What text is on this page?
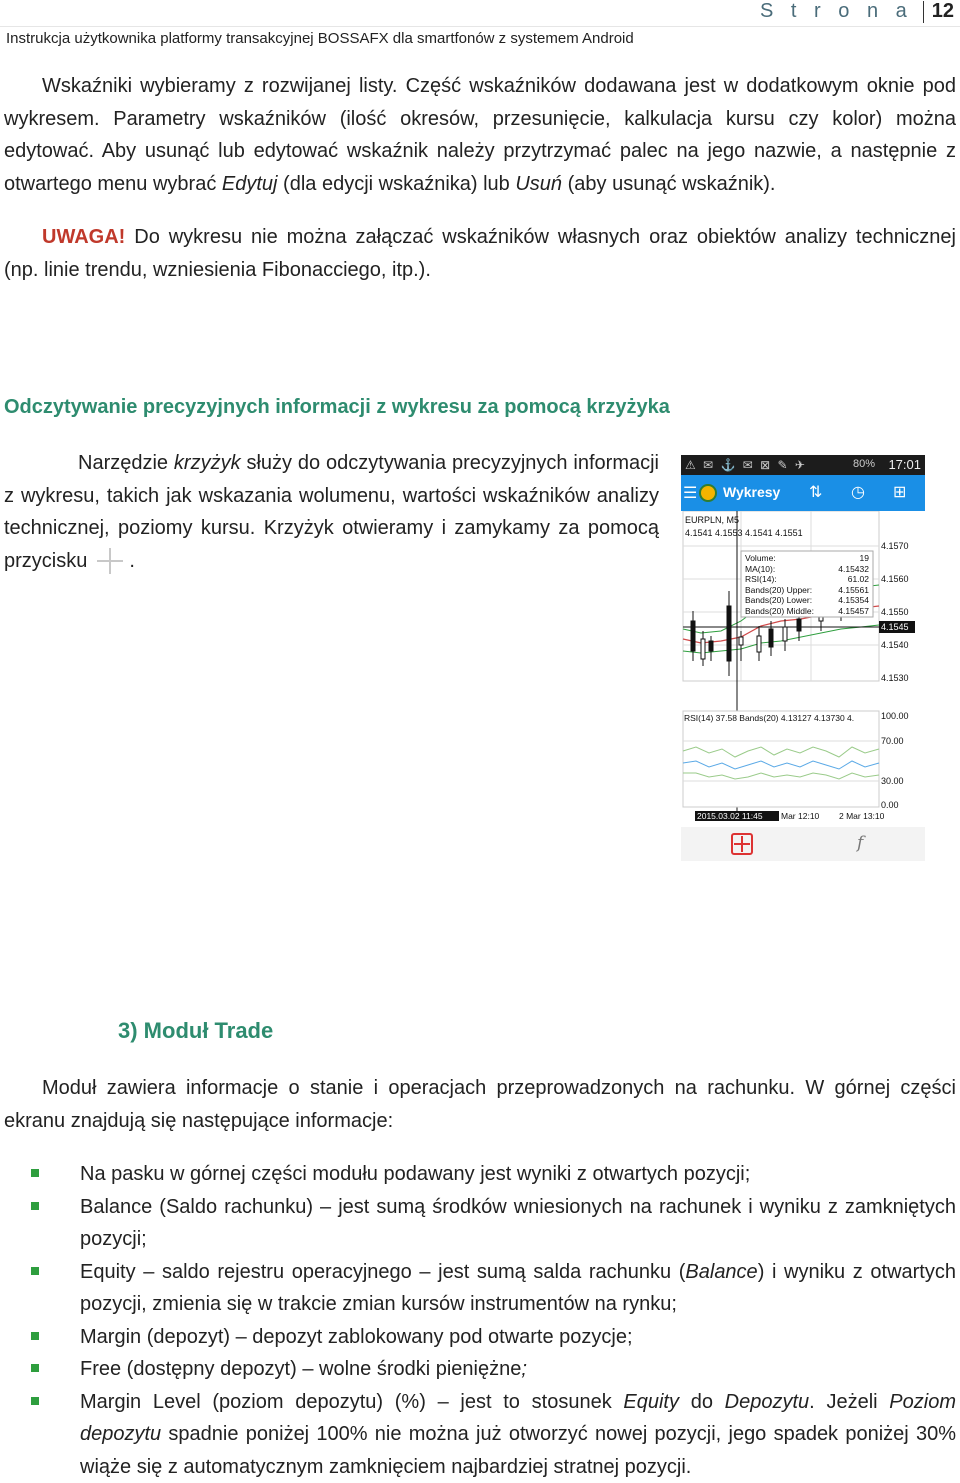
S t r o n a 12
Instrukcja użytkownika platformy transakcyjnej BOSSAFX dla smartfonów z systemem Android
Wskaźniki wybieramy z rozwijanej listy. Część wskaźników dodawana jest w dodatkowym oknie pod wykresem. Parametry wskaźników (ilość okresów, przesunięcie, kalkulacja kursu czy kolor) można edytować. Aby usunąć lub edytować wskaźnik należy przytrzymać palec na jego nazwie, a następnie z otwartego menu wybrać Edytuj (dla edycji wskaźnika) lub Usuń (aby usunąć wskaźnik).
UWAGA! Do wykresu nie można załączać wskaźników własnych oraz obiektów analizy technicznej (np. linie trendu, wzniesienia Fibonacciego, itp.).
Odczytywanie precyzyjnych informacji z wykresu za pomocą krzyżyka
Narzędzie krzyżyk służy do odczytywania precyzyjnych informacji z wykresu, takich jak wskazania wolumenu, wartości wskaźników analizy technicznej, poziomy kursu. Krzyżyk otwieramy i zamykamy za pomocą przycisku .
⚠ ✉ ⚓ ✉ ⊠ ✎ ✈	80% 17:01
☰ Wykresy ⇅ ◷ ⊞
EURPLN, M5
4.1541 4.1553 4.1541 4.1551
Volume:	19
MA(10):	4.15432
RSI(14):	61.02
Bands(20) Upper:	4.15561
Bands(20) Lower:	4.15354
Bands(20) Middle:	4.15457
4.1570
4.1560
4.1550
4.1545
4.1540
4.1530
RSI(14) 37.58 Bands(20) 4.13127 4.13730 4.	100.00
70.00
30.00
0.00
2015.03.02 11:45 Mar 12:10 2 Mar 13:10
f
3) Moduł Trade
Moduł zawiera informacje o stanie i operacjach przeprowadzonych na rachunku. W górnej części ekranu znajdują się następujące informacje:
Na pasku w górnej części modułu podawany jest wyniki z otwartych pozycji;
Balance (Saldo rachunku) – jest sumą środków wniesionych na rachunek i wyniku z zamkniętych pozycji;
Equity – saldo rejestru operacyjnego – jest sumą salda rachunku (Balance) i wyniku z otwartych pozycji, zmienia się w trakcie zmian kursów instrumentów na rynku;
Margin (depozyt) – depozyt zablokowany pod otwarte pozycje;
Free (dostępny depozyt) – wolne środki pieniężne;
Margin Level (poziom depozytu) (%) – jest to stosunek Equity do Depozytu. Jeżeli Poziom depozytu spadnie poniżej 100% nie można już otworzyć nowej pozycji, jego spadek poniżej 30% wiąże się z automatycznym zamknięciem najbardziej stratnej pozycji.
